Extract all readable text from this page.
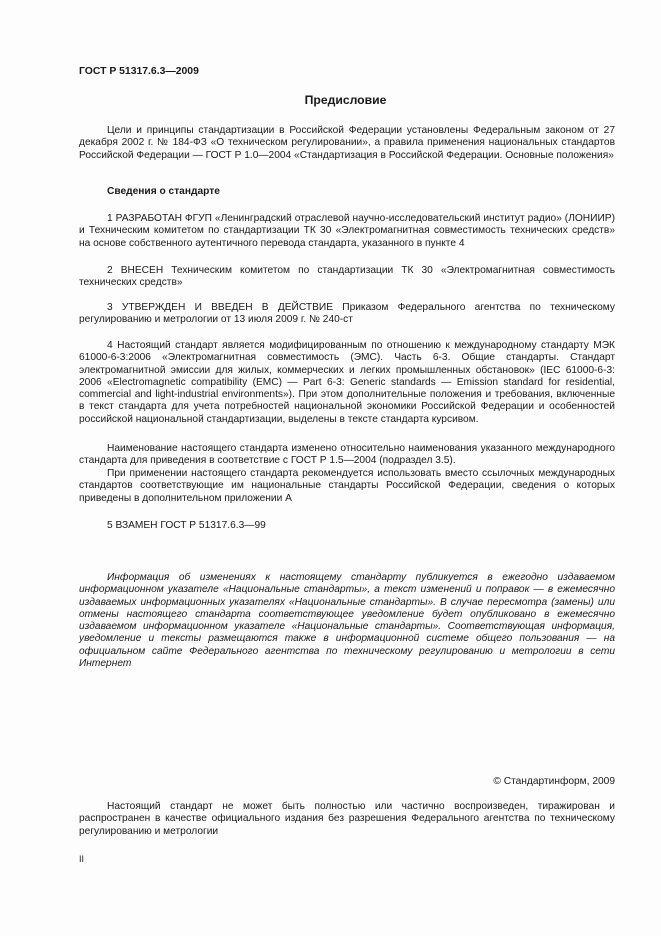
ГОСТ Р 51317.6.3—2009
Предисловие
Цели и принципы стандартизации в Российской Федерации установлены Федеральным законом от 27 декабря 2002 г. № 184-ФЗ «О техническом регулировании», а правила применения национальных стандартов Российской Федерации — ГОСТ Р 1.0—2004 «Стандартизация в Российской Федерации. Основные положения»
Сведения о стандарте
1 РАЗРАБОТАН ФГУП «Ленинградский отраслевой научно-исследовательский институт радио» (ЛОНИИР) и Техническим комитетом по стандартизации ТК 30 «Электромагнитная совместимость технических средств» на основе собственного аутентичного перевода стандарта, указанного в пункте 4
2 ВНЕСЕН Техническим комитетом по стандартизации ТК 30 «Электромагнитная совместимость технических средств»
3 УТВЕРЖДЕН И ВВЕДЕН В ДЕЙСТВИЕ Приказом Федерального агентства по техническому регулированию и метрологии от 13 июля 2009 г. № 240-ст
4 Настоящий стандарт является модифицированным по отношению к международному стандарту МЭК 61000-6-3:2006 «Электромагнитная совместимость (ЭМС). Часть 6-3. Общие стандарты. Стандарт электромагнитной эмиссии для жилых, коммерческих и легких промышленных обстановок» (IEC 61000-6-3: 2006 «Electromagnetic compatibility (EMC) — Part 6-3: Generic standards — Emission standard for residential, commercial and light-industrial environments»). При этом дополнительные положения и требования, включенные в текст стандарта для учета потребностей национальной экономики Российской Федерации и особенностей российской национальной стандартизации, выделены в тексте стандарта курсивом.
Наименование настоящего стандарта изменено относительно наименования указанного международного стандарта для приведения в соответствие с ГОСТ Р 1.5—2004 (подраздел 3.5).
При применении настоящего стандарта рекомендуется использовать вместо ссылочных международных стандартов соответствующие им национальные стандарты Российской Федерации, сведения о которых приведены в дополнительном приложении А
5 ВЗАМЕН ГОСТ Р 51317.6.3—99
Информация об изменениях к настоящему стандарту публикуется в ежегодно издаваемом информационном указателе «Национальные стандарты», а текст изменений и поправок — в ежемесячно издаваемых информационных указателях «Национальные стандарты». В случае пересмотра (замены) или отмены настоящего стандарта соответствующее уведомление будет опубликовано в ежемесячно издаваемом информационном указателе «Национальные стандарты». Соответствующая информация, уведомление и тексты размещаются также в информационной системе общего пользования — на официальном сайте Федерального агентства по техническому регулированию и метрологии в сети Интернет
© Стандартинформ, 2009
Настоящий стандарт не может быть полностью или частично воспроизведен, тиражирован и распространен в качестве официального издания без разрешения Федерального агентства по техническому регулированию и метрологии
II
